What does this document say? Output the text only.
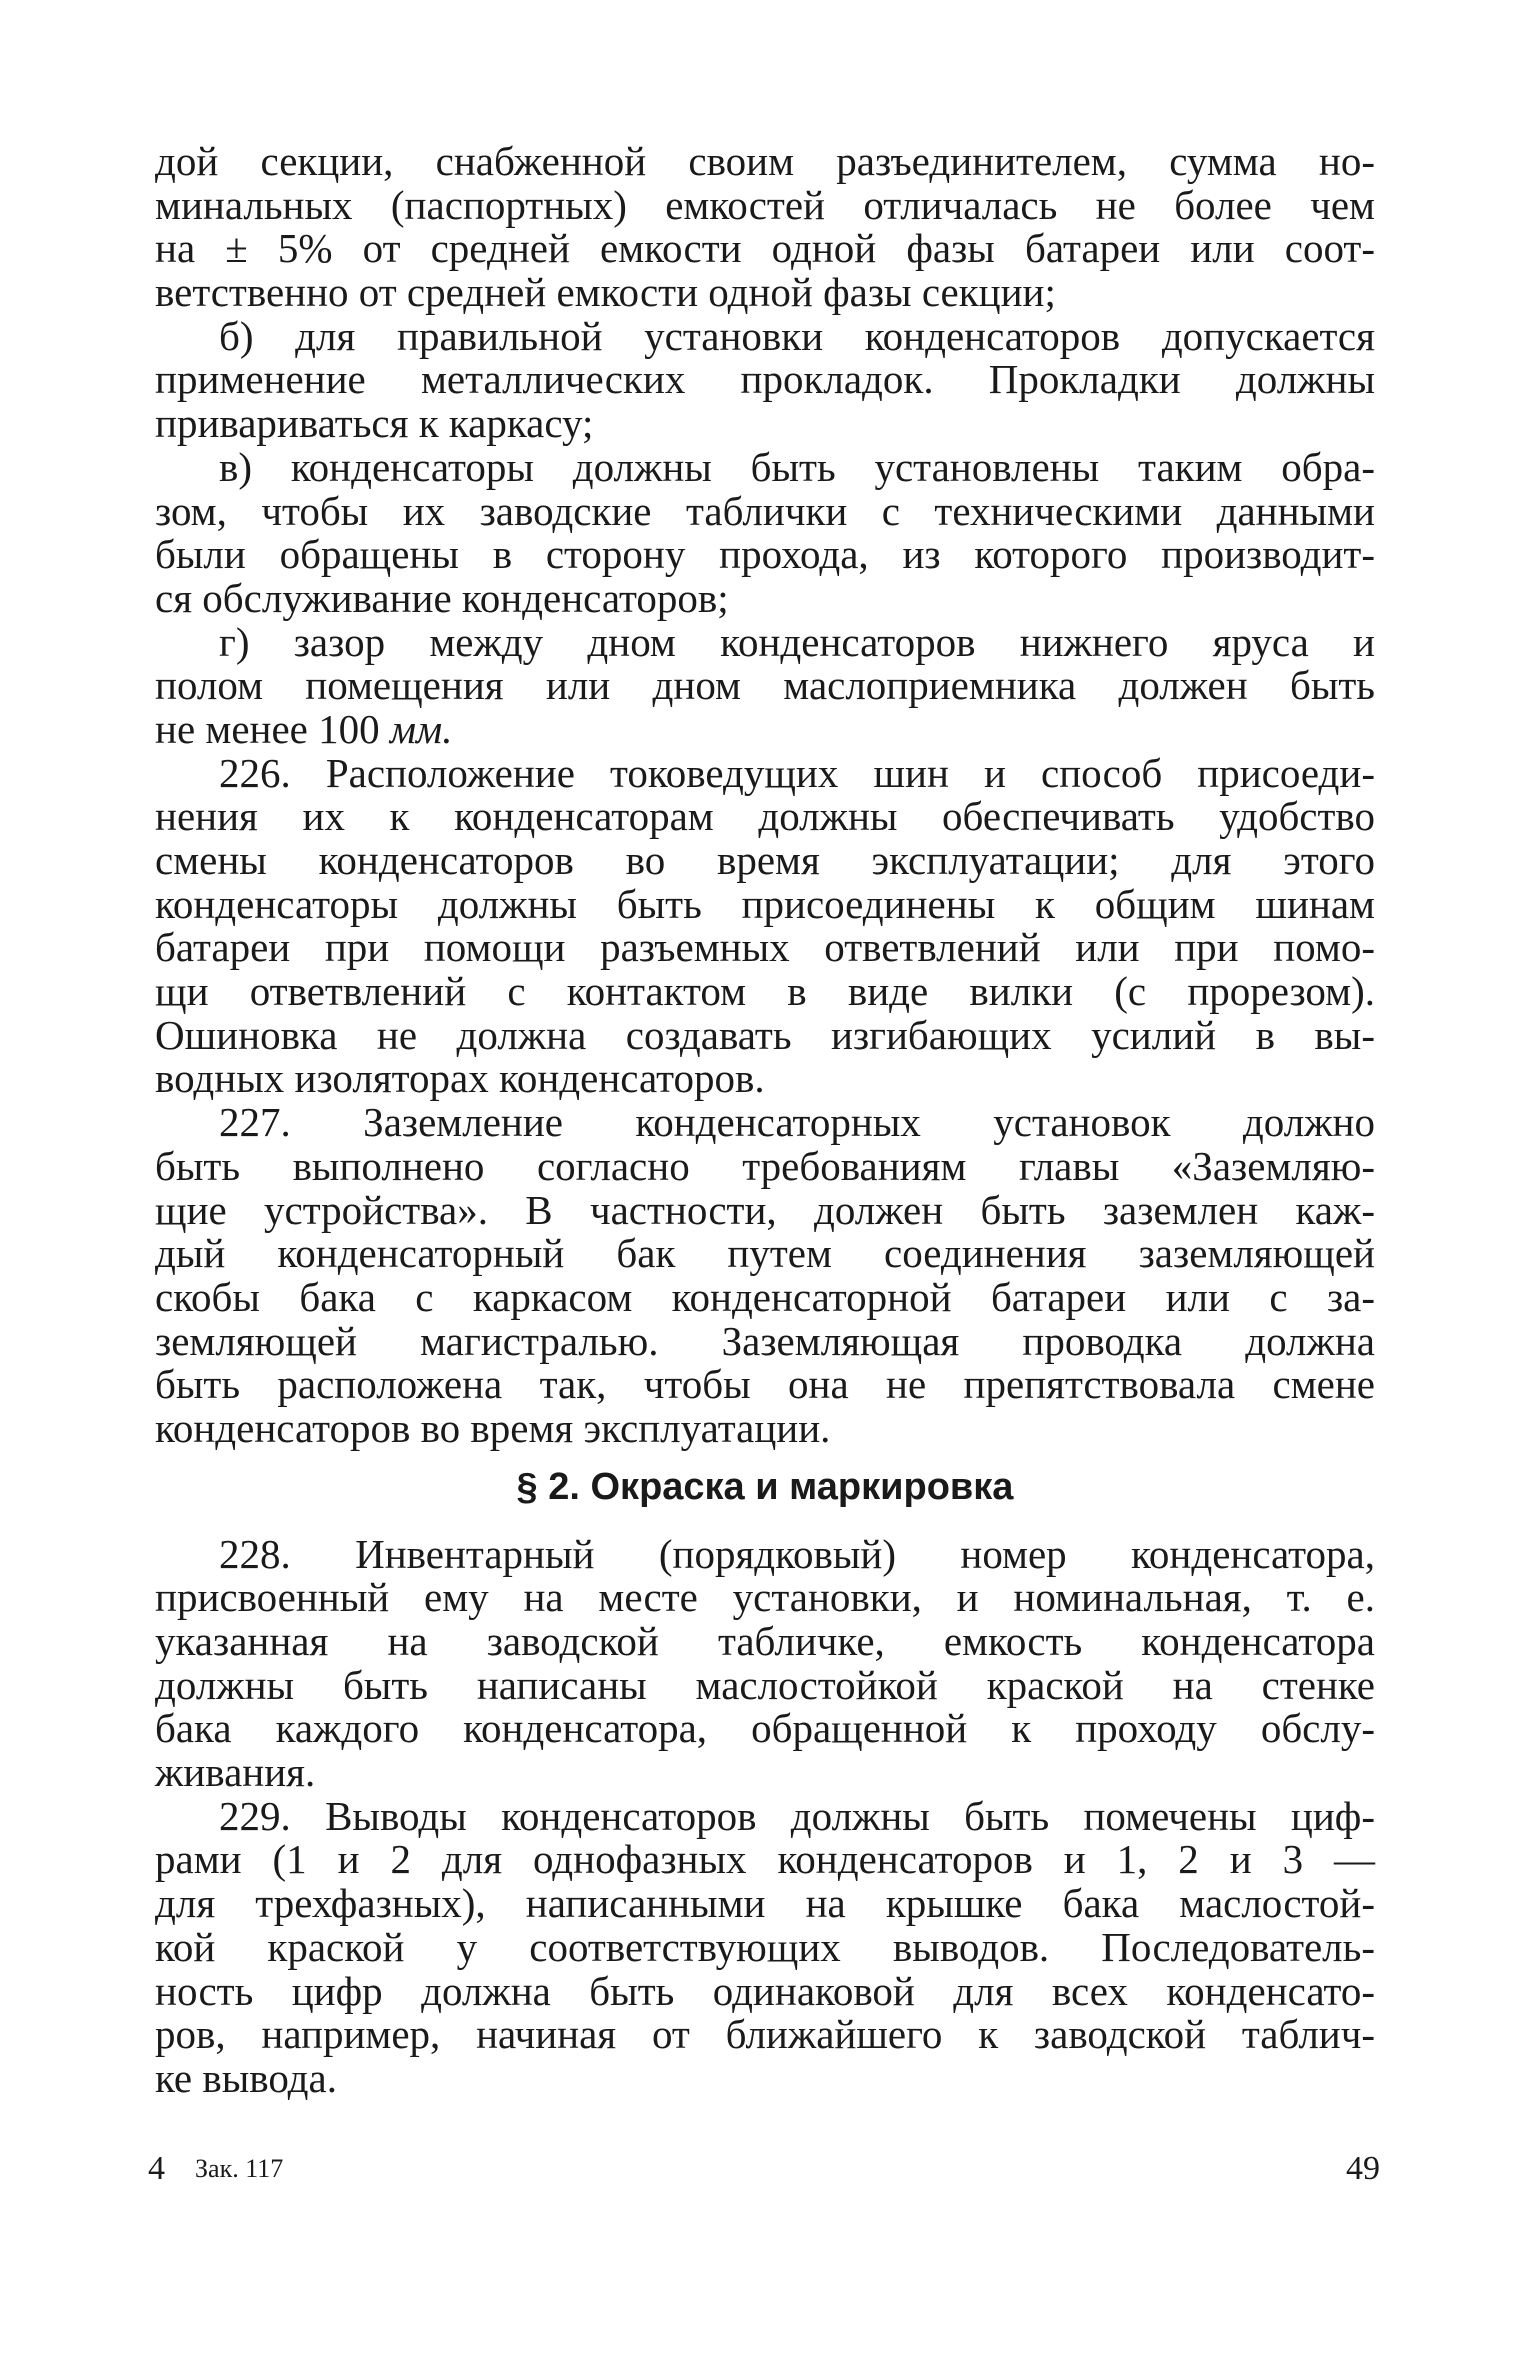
дой секции, снабженной своим разъединителем, сумма но-
минальных (паспортных) емкостей отличалась не более чем
на ± 5% от средней емкости одной фазы батареи или соот-
ветственно от средней емкости одной фазы секции;
б) для правильной установки конденсаторов допускается
применение металлических прокладок. Прокладки должны
привариваться к каркасу;
в) конденсаторы должны быть установлены таким обра-
зом, чтобы их заводские таблички с техническими данными
были обращены в сторону прохода, из которого производит-
ся обслуживание конденсаторов;
г) зазор между дном конденсаторов нижнего яруса и
полом помещения или дном маслоприемника должен быть
не менее 100 мм.
226. Расположение токоведущих шин и способ присоеди-
нения их к конденсаторам должны обеспечивать удобство
смены конденсаторов во время эксплуатации; для этого
конденсаторы должны быть присоединены к общим шинам
батареи при помощи разъемных ответвлений или при помо-
щи ответвлений с контактом в виде вилки (с прорезом).
Ошиновка не должна создавать изгибающих усилий в вы-
водных изоляторах конденсаторов.
227. Заземление конденсаторных установок должно
быть выполнено согласно требованиям главы «Заземляю-
щие устройства». В частности, должен быть заземлен каж-
дый конденсаторный бак путем соединения заземляющей
скобы бака с каркасом конденсаторной батареи или с за-
земляющей магистралью. Заземляющая проводка должна
быть расположена так, чтобы она не препятствовала смене
конденсаторов во время эксплуатации.
§ 2. Окраска и маркировка
228. Инвентарный (порядковый) номер конденсатора,
присвоенный ему на месте установки, и номинальная, т. е.
указанная на заводской табличке, емкость конденсатора
должны быть написаны маслостойкой краской на стенке
бака каждого конденсатора, обращенной к проходу обслу-
живания.
229. Выводы конденсаторов должны быть помечены циф-
рами (1 и 2 для однофазных конденсаторов и 1, 2 и 3 —
для трехфазных), написанными на крышке бака маслостой-
кой краской у соответствующих выводов. Последователь-
ность цифр должна быть одинаковой для всех конденсато-
ров, например, начиная от ближайшего к заводской таблич-
ке вывода.
4 Зак. 117	49
